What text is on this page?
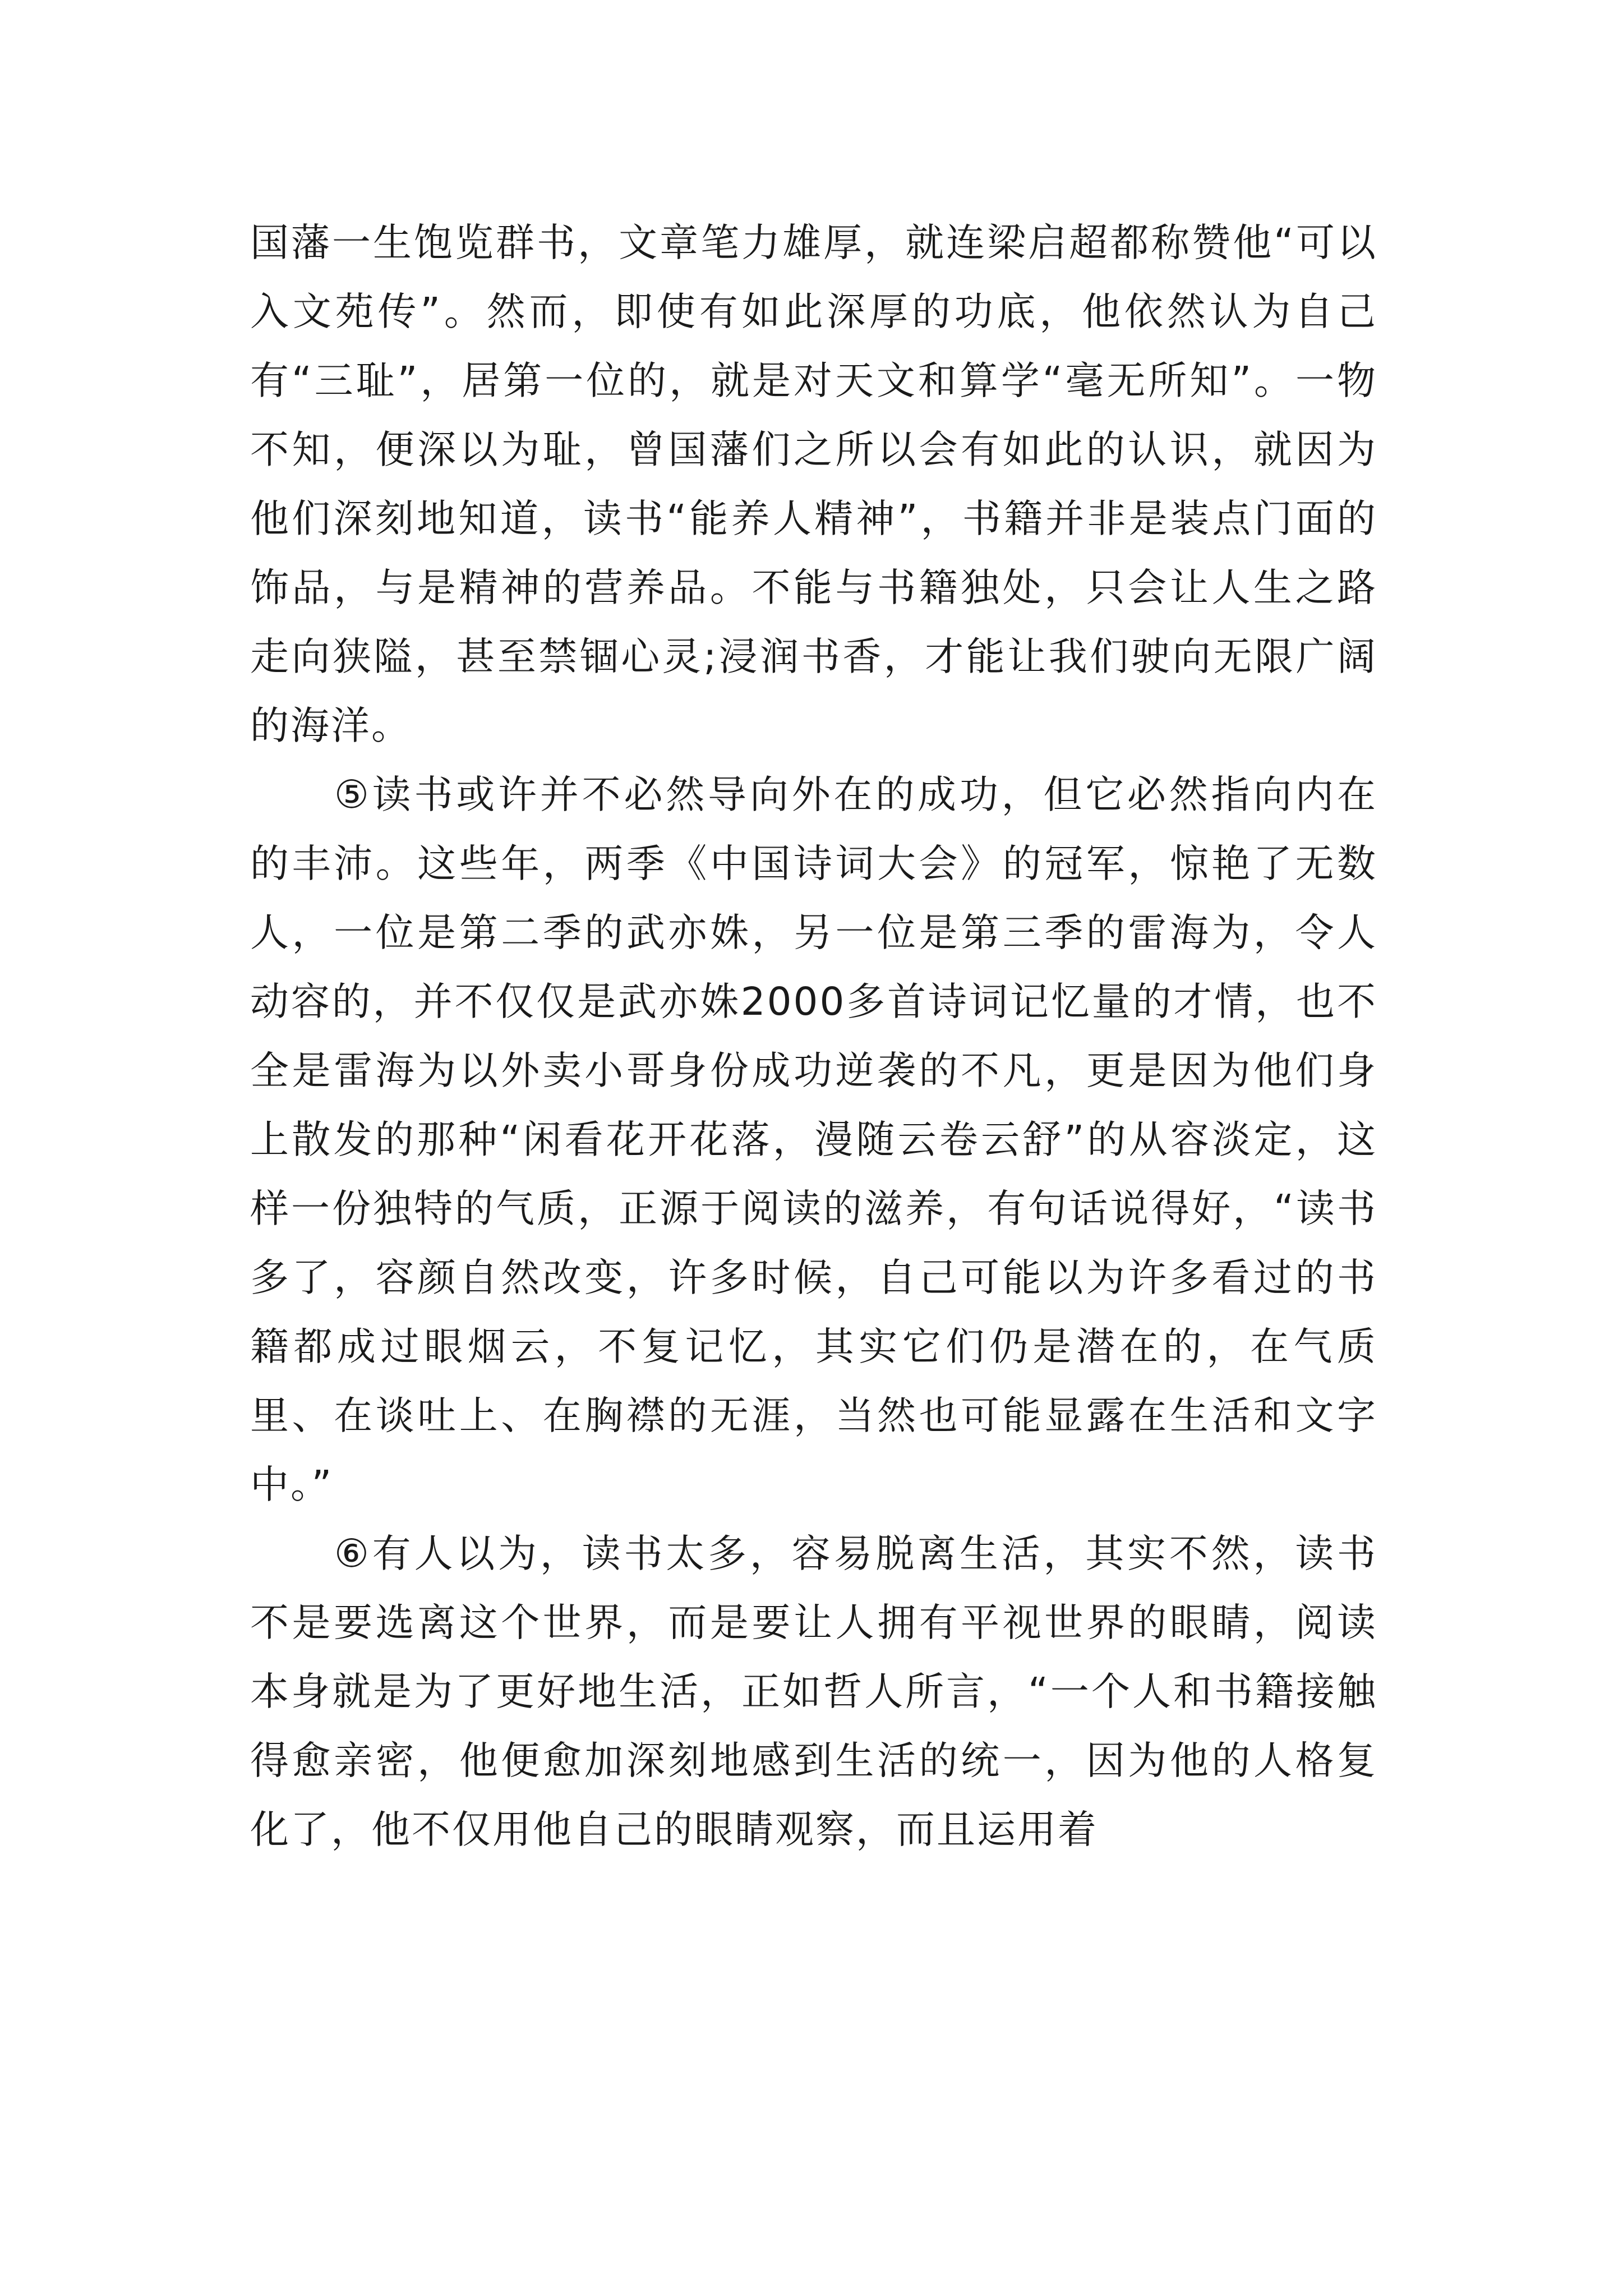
国藩一生饱览群书，文章笔力雄厚，就连梁启超都称赞他“可以入文苑传”。然而，即使有如此深厚的功底，他依然认为自己有“三耻”，居第一位的，就是对天文和算学“毫无所知”。一物不知，便深以为耻，曾国藩们之所以会有如此的认识，就因为他们深刻地知道，读书“能养人精神”，书籍并非是装点门面的饰品，与是精神的营养品。不能与书籍独处，只会让人生之路走向狭隘，甚至禁锢心灵;浸润书香，才能让我们驶向无限广阔的海洋。

⑤读书或许并不必然导向外在的成功，但它必然指向内在的丰沛。这些年，两季《中国诗词大会》的冠军，惊艳了无数人，一位是第二季的武亦姝，另一位是第三季的雷海为，令人动容的，并不仅仅是武亦姝2000多首诗词记忆量的才情，也不全是雷海为以外卖小哥身份成功逆袭的不凡，更是因为他们身上散发的那种“闲看花开花落，漫随云卷云舒”的从容淡定，这样一份独特的气质，正源于阅读的滋养，有句话说得好，“读书多了，容颜自然改变，许多时候，自己可能以为许多看过的书籍都成过眼烟云，不复记忆，其实它们仍是潜在的，在气质里、在谈吐上、在胸襟的无涯，当然也可能显露在生活和文字中。”

⑥有人以为，读书太多，容易脱离生活，其实不然，读书不是要选离这个世界，而是要让人拥有平视世界的眼睛，阅读本身就是为了更好地生活，正如哲人所言，“一个人和书籍接触得愈亲密，他便愈加深刻地感到生活的统一，因为他的人格复化了，他不仅用他自己的眼睛观察，而且运用着
